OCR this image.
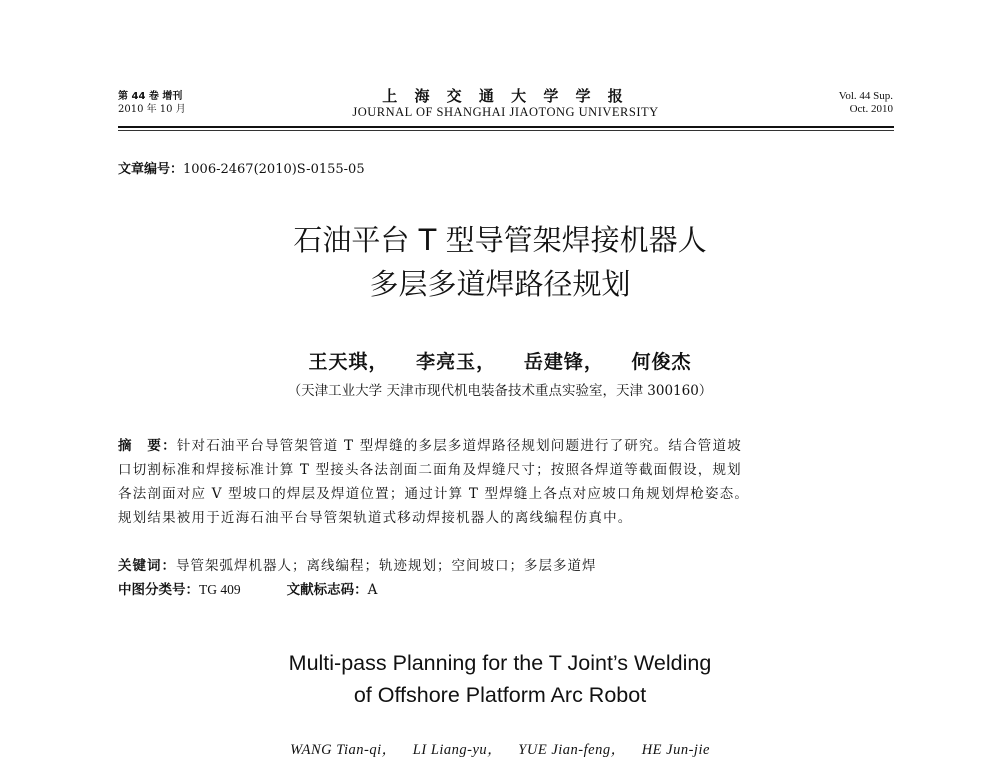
第 44 卷 增刊
2010 年 10 月
上 海 交 通 大 学 学 报
JOURNAL OF SHANGHAI JIAOTONG UNIVERSITY
Vol. 44 Sup.
Oct. 2010
文章编号：1006-2467(2010)S-0155-05
石油平台 T 型导管架焊接机器人
多层多道焊路径规划
王天琪， 李亮玉， 岳建锋， 何俊杰
（天津工业大学 天津市现代机电装备技术重点实验室，天津 300160）
摘　要：针对石油平台导管架管道 T 型焊缝的多层多道焊路径规划问题进行了研究。结合管道坡
口切割标准和焊接标准计算 T 型接头各法剖面二面角及焊缝尺寸；按照各焊道等截面假设，规划
各法剖面对应 V 型坡口的焊层及焊道位置；通过计算 T 型焊缝上各点对应坡口角规划焊枪姿态。
规划结果被用于近海石油平台导管架轨道式移动焊接机器人的离线编程仿真中。
关键词：导管架弧焊机器人；离线编程；轨迹规划；空间坡口；多层多道焊
中图分类号：TG 409	文献标志码：A
Multi-pass Planning for the T Joint’s Welding
of Offshore Platform Arc Robot
WANG Tian-qi， LI Liang-yu， YUE Jian-feng， HE Jun-jie
